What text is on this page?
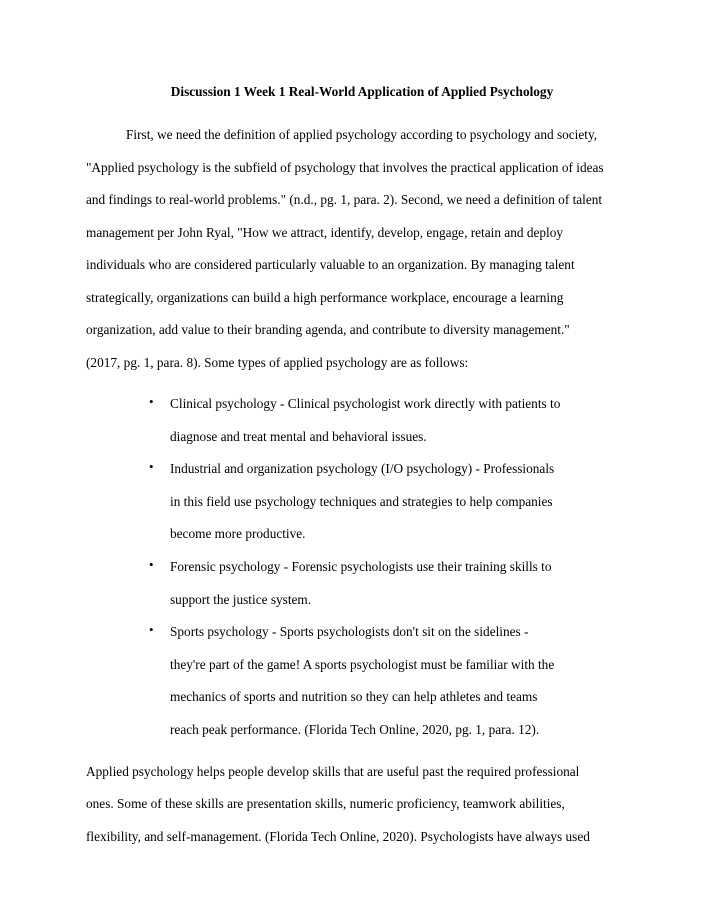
Discussion 1 Week 1 Real-World Application of Applied Psychology
First, we need the definition of applied psychology according to psychology and society,
"Applied psychology is the subfield of psychology that involves the practical application of ideas
and findings to real-world problems." (n.d., pg. 1, para. 2). Second, we need a definition of talent
management per John Ryal, "How we attract, identify, develop, engage, retain and deploy
individuals who are considered particularly valuable to an organization. By managing talent
strategically, organizations can build a high performance workplace, encourage a learning
organization, add value to their branding agenda, and contribute to diversity management."
(2017, pg. 1, para. 8). Some types of applied psychology are as follows:
• Clinical psychology - Clinical psychologist work directly with patients to
diagnose and treat mental and behavioral issues.
• Industrial and organization psychology (I/O psychology) - Professionals
in this field use psychology techniques and strategies to help companies
become more productive.
• Forensic psychology - Forensic psychologists use their training skills to
support the justice system.
• Sports psychology - Sports psychologists don't sit on the sidelines -
they're part of the game! A sports psychologist must be familiar with the
mechanics of sports and nutrition so they can help athletes and teams
reach peak performance. (Florida Tech Online, 2020, pg. 1, para. 12).
Applied psychology helps people develop skills that are useful past the required professional
ones. Some of these skills are presentation skills, numeric proficiency, teamwork abilities,
flexibility, and self-management. (Florida Tech Online, 2020). Psychologists have always used
